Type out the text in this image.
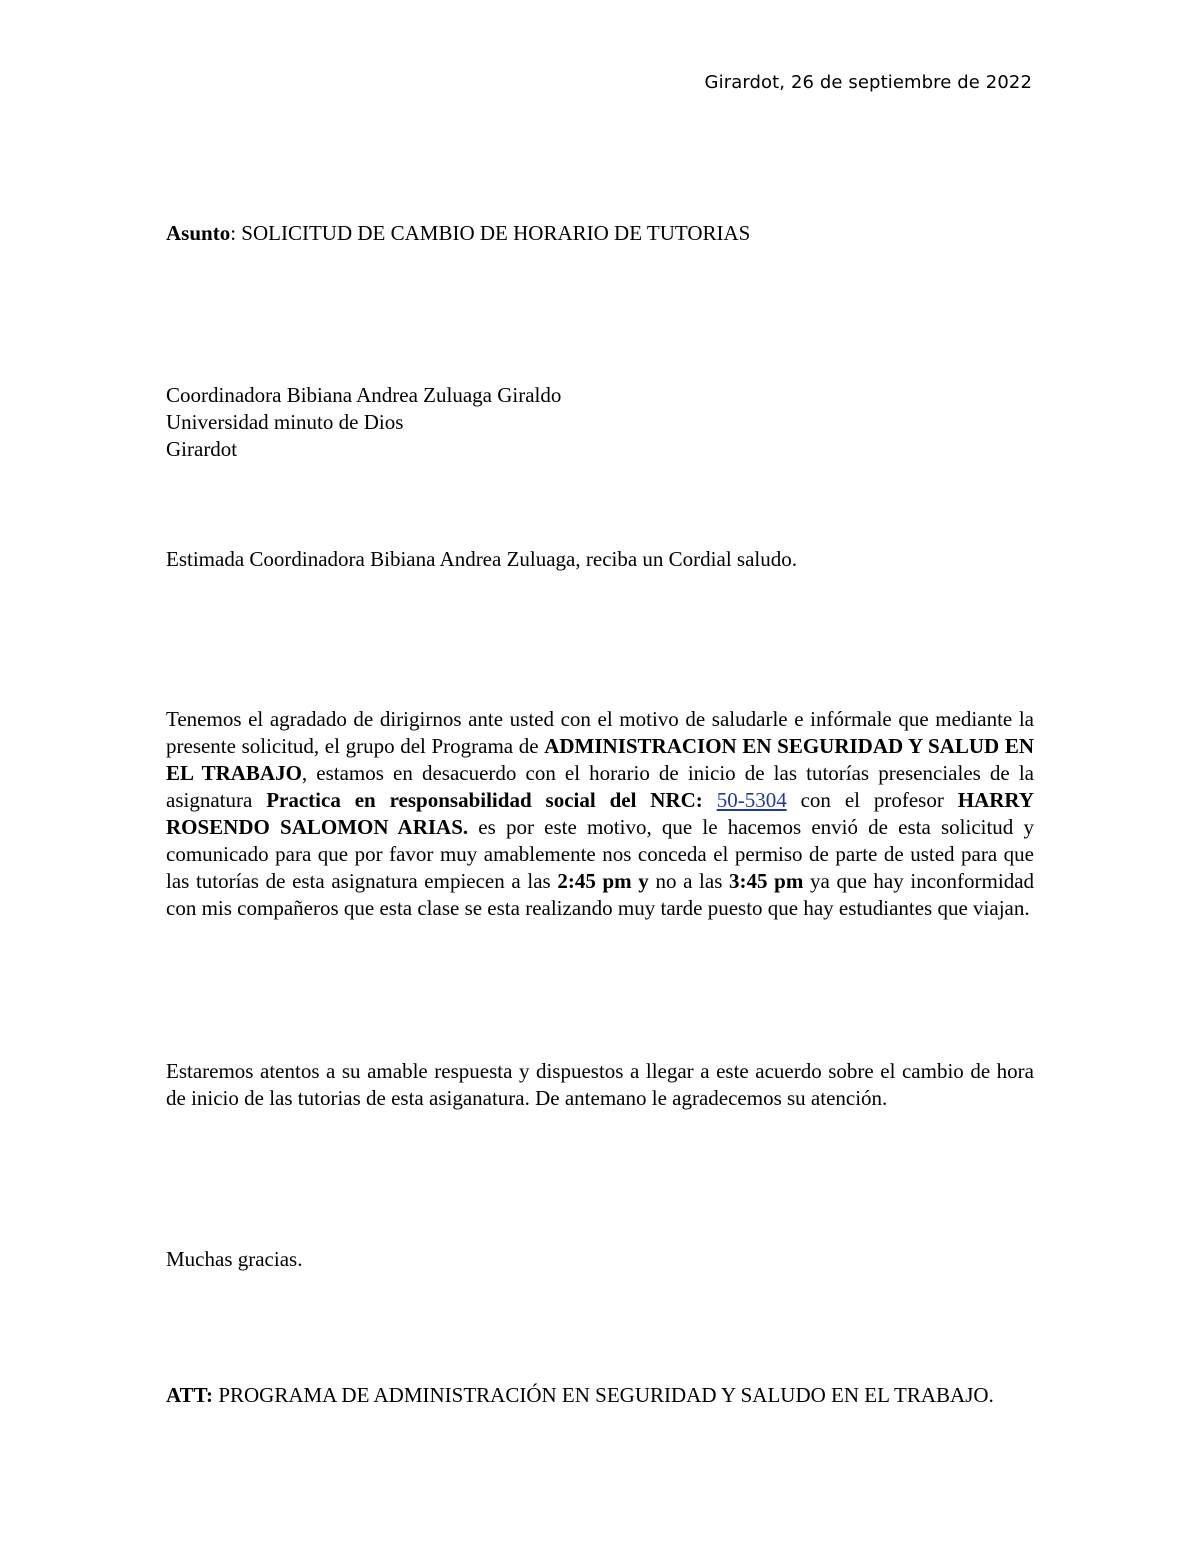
Girardot, 26 de septiembre de 2022
Asunto: SOLICITUD DE CAMBIO DE HORARIO DE TUTORIAS
Coordinadora Bibiana Andrea Zuluaga Giraldo
Universidad minuto de Dios
Girardot
Estimada Coordinadora Bibiana Andrea Zuluaga, reciba un Cordial saludo.
Tenemos el agradado de dirigirnos ante usted con el motivo de saludarle e infórmale que mediante la presente solicitud, el grupo del Programa de ADMINISTRACION EN SEGURIDAD Y SALUD EN EL TRABAJO, estamos en desacuerdo con el horario de inicio de las tutorías presenciales de la asignatura Practica en responsabilidad social del NRC: 50-5304 con el profesor HARRY ROSENDO SALOMON ARIAS. es por este motivo, que le hacemos envió de esta solicitud y comunicado para que por favor muy amablemente nos conceda el permiso de parte de usted para que las tutorías de esta asignatura empiecen a las 2:45 pm y no a las 3:45 pm ya que hay inconformidad con mis compañeros que esta clase se esta realizando muy tarde puesto que hay estudiantes que viajan.
Estaremos atentos a su amable respuesta y dispuestos a llegar a este acuerdo sobre el cambio de hora de inicio de las tutorias de esta asiganatura. De antemano le agradecemos su atención.
Muchas gracias.
ATT: PROGRAMA DE ADMINISTRACIÓN EN SEGURIDAD Y SALUDO EN EL TRABAJO.
